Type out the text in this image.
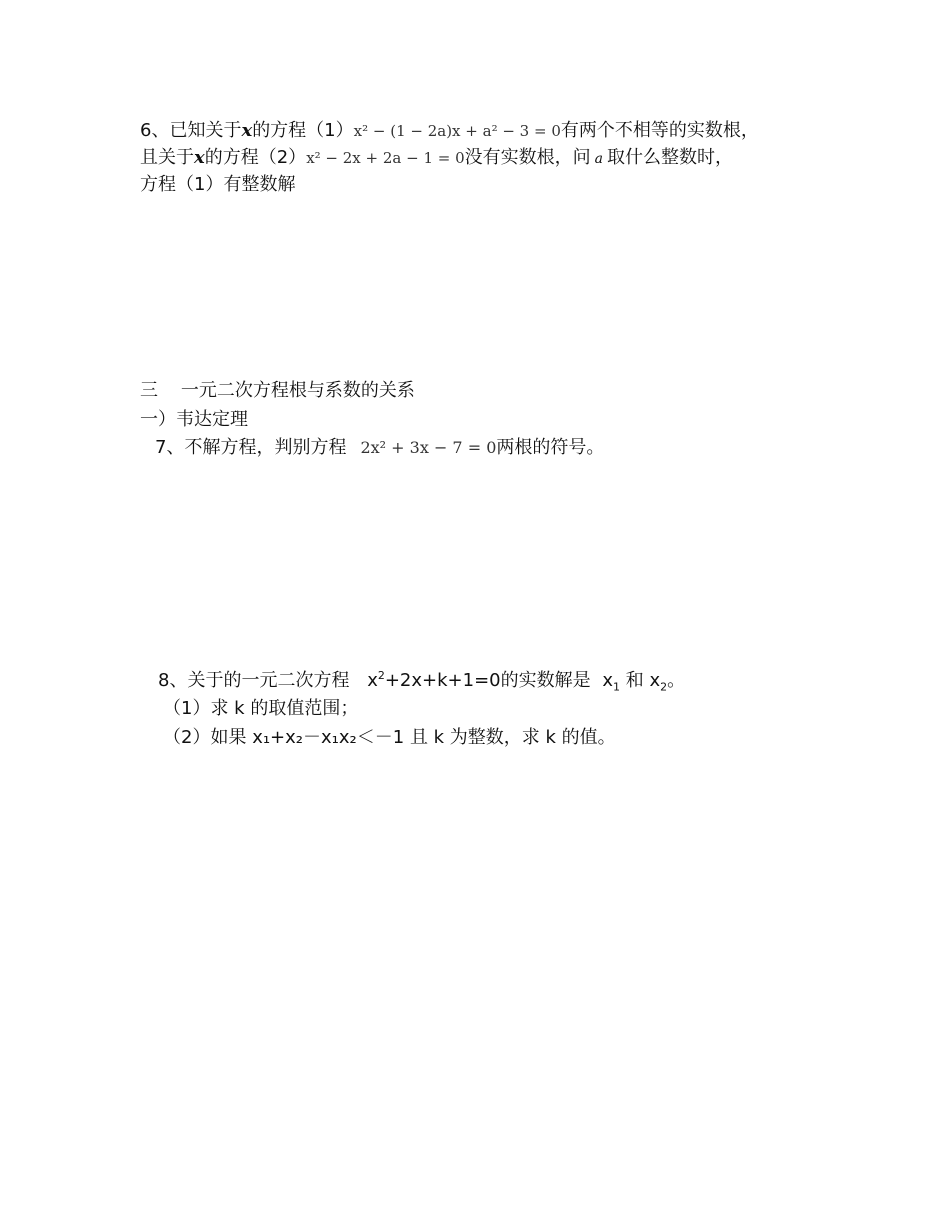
6、已知关于x的方程（1）x² − (1 − 2a)x + a² − 3 = 0有两个不相等的实数根，
且关于x的方程（2）x² − 2x + 2a − 1 = 0没有实数根，问 a 取什么整数时，
方程（1）有整数解
三    一元二次方程根与系数的关系
一）韦达定理
7、不解方程，判别方程 2x² + 3x − 7 = 0两根的符号。
8、关于的一元二次方程 $x^2+2x+k+1=0$的实数解是 $x_1$ 和 $x_2$。
（1）求 k 的取值范围；
（2）如果 x₁+x₂－x₁x₂＜－1 且 k 为整数，求 k 的值。
